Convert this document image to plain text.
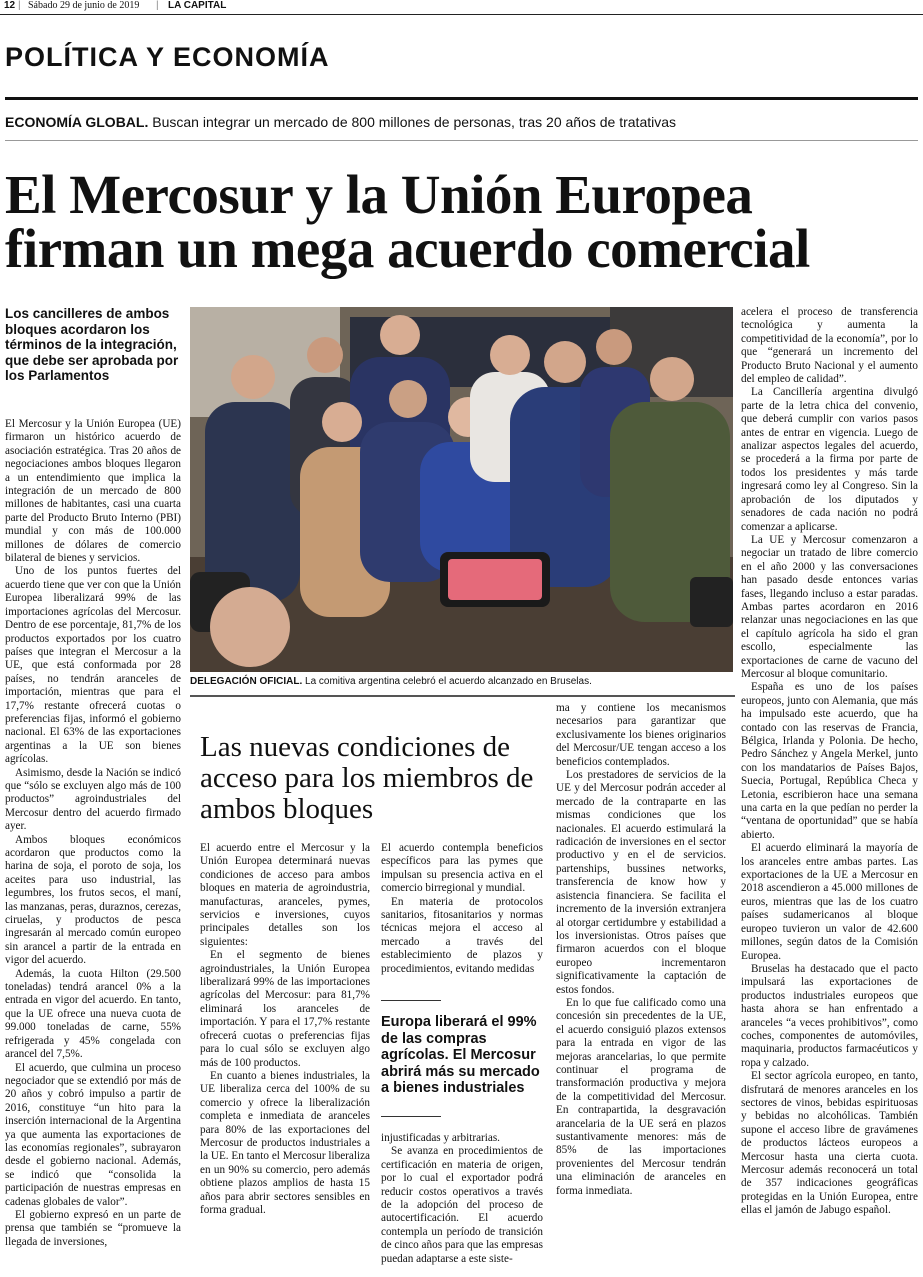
12 | Sábado 29 de junio de 2019 | LA CAPITAL
POLÍTICA Y ECONOMÍA
ECONOMÍA GLOBAL. Buscan integrar un mercado de 800 millones de personas, tras 20 años de tratativas
El Mercosur y la Unión Europea firman un mega acuerdo comercial
Los cancilleres de ambos bloques acordaron los términos de la integración, que debe ser aprobada por los Parlamentos

El Mercosur y la Unión Europea (UE) firmaron un histórico acuerdo de asociación estratégica. Tras 20 años de negociaciones ambos bloques llegaron a un entendimiento que implica la integración de un mercado de 800 millones de habitantes, casi una cuarta parte del Producto Bruto Interno (PBI) mundial y con más de 100.000 millones de dólares de comercio bilateral de bienes y servicios.

Uno de los puntos fuertes del acuerdo tiene que ver con que la Unión Europea liberalizará 99% de las importaciones agrícolas del Mercosur. Dentro de ese porcentaje, 81,7% de los productos exportados por los cuatro países que integran el Mercosur a la UE, que está conformada por 28 países, no tendrán aranceles de importación, mientras que para el 17,7% restante ofrecerá cuotas o preferencias fijas, informó el gobierno nacional. El 63% de las exportaciones argentinas a la UE son bienes agrícolas.

Asimismo, desde la Nación se indicó que “sólo se excluyen algo más de 100 productos” agroindustriales del Mercosur dentro del acuerdo firmado ayer.

Ambos bloques económicos acordaron que productos como la harina de soja, el poroto de soja, los aceites para uso industrial, las legumbres, los frutos secos, el maní, las manzanas, peras, duraznos, cerezas, ciruelas, y productos de pesca ingresarán al mercado común europeo sin arancel a partir de la entrada en vigor del acuerdo.

Además, la cuota Hilton (29.500 toneladas) tendrá arancel 0% a la entrada en vigor del acuerdo. En tanto, que la UE ofrece una nueva cuota de 99.000 toneladas de carne, 55% refrigerada y 45% congelada con arancel del 7,5%.

El acuerdo, que culmina un proceso negociador que se extendió por más de 20 años y cobró impulso a partir de 2016, constituye “un hito para la inserción internacional de la Argentina ya que aumenta las exportaciones de las economías regionales”, subrayaron desde el gobierno nacional. Además, se indicó que “consolida la participación de nuestras empresas en cadenas globales de valor”.

El gobierno expresó en un parte de prensa que también se “promueve la llegada de inversiones,

DELEGACIÓN OFICIAL. La comitiva argentina celebró el acuerdo alcanzado en Bruselas.
Las nuevas condiciones de acceso para los miembros de ambos bloques

El acuerdo entre el Mercosur y la Unión Europea determinará nuevas condiciones de acceso para ambos bloques en materia de agroindustria, manufacturas, aranceles, pymes, servicios e inversiones, cuyos principales detalles son los siguientes:

En el segmento de bienes agroindustriales, la Unión Europea liberalizará 99% de las importaciones agrícolas del Mercosur: para 81,7% eliminará los aranceles de importación. Y para el 17,7% restante ofrecerá cuotas o preferencias fijas para lo cual sólo se excluyen algo más de 100 productos.

En cuanto a bienes industriales, la UE liberaliza cerca del 100% de su comercio y ofrece la liberalización completa e inmediata de aranceles para 80% de las exportaciones del Mercosur de productos industriales a la UE. En tanto el Mercosur liberaliza en un 90% su comercio, pero además obtiene plazos amplios de hasta 15 años para abrir sectores sensibles en forma gradual.

El acuerdo contempla beneficios específicos para las pymes que impulsan su presencia activa en el comercio birregional y mundial.

En materia de protocolos sanitarios, fitosanitarios y normas técnicas mejora el acceso al mercado a través del establecimiento de plazos y procedimientos, evitando medidas

Europa liberará el 99% de las compras agrícolas. El Mercosur abrirá más su mercado a bienes industriales

injustificadas y arbitrarias.

Se avanza en procedimientos de certificación en materia de origen, por lo cual el exportador podrá reducir costos operativos a través de la adopción del proceso de autocertificación. El acuerdo contempla un período de transición de cinco años para que las empresas puedan adaptarse a este siste-

ma y contiene los mecanismos necesarios para garantizar que exclusivamente los bienes originarios del Mercosur/UE tengan acceso a los beneficios contemplados.

Los prestadores de servicios de la UE y del Mercosur podrán acceder al mercado de la contraparte en las mismas condiciones que los nacionales. El acuerdo estimulará la radicación de inversiones en el sector productivo y en el de servicios. partenships, bussines networks, transferencia de know how y asistencia financiera. Se facilita el incremento de la inversión extranjera al otorgar certidumbre y estabilidad a los inversionistas. Otros países que firmaron acuerdos con el bloque europeo incrementaron significativamente la captación de estos fondos.

En lo que fue calificado como una concesión sin precedentes de la UE, el acuerdo consiguió plazos extensos para la entrada en vigor de las mejoras arancelarias, lo que permite continuar el programa de transformación productiva y mejora de la competitividad del Mercosur. En contrapartida, la desgravación arancelaria de la UE será en plazos sustantivamente menores: más de 85% de las importaciones provenientes del Mercosur tendrán una eliminación de aranceles en forma inmediata.

acelera el proceso de transferencia tecnológica y aumenta la competitividad de la economía”, por lo que “generará un incremento del Producto Bruto Nacional y el aumento del empleo de calidad”.

La Cancillería argentina divulgó parte de la letra chica del convenio, que deberá cumplir con varios pasos antes de entrar en vigencia. Luego de analizar aspectos legales del acuerdo, se procederá a la firma por parte de todos los presidentes y más tarde ingresará como ley al Congreso. Sin la aprobación de los diputados y senadores de cada nación no podrá comenzar a aplicarse.

La UE y Mercosur comenzaron a negociar un tratado de libre comercio en el año 2000 y las conversaciones han pasado desde entonces varias fases, llegando incluso a estar paradas. Ambas partes acordaron en 2016 relanzar unas negociaciones en las que el capítulo agrícola ha sido el gran escollo, especialmente las exportaciones de carne de vacuno del Mercosur al bloque comunitario.

España es uno de los países europeos, junto con Alemania, que más ha impulsado este acuerdo, que ha contado con las reservas de Francia, Bélgica, Irlanda y Polonia. De hecho, Pedro Sánchez y Angela Merkel, junto con los mandatarios de Países Bajos, Suecia, Portugal, República Checa y Letonia, escribieron hace una semana una carta en la que pedían no perder la “ventana de oportunidad” que se había abierto.

El acuerdo eliminará la mayoría de los aranceles entre ambas partes. Las exportaciones de la UE a Mercosur en 2018 ascendieron a 45.000 millones de euros, mientras que las de los cuatro países sudamericanos al bloque europeo tuvieron un valor de 42.600 millones, según datos de la Comisión Europea.

Bruselas ha destacado que el pacto impulsará las exportaciones de productos industriales europeos que hasta ahora se han enfrentado a aranceles “a veces prohibitivos”, como coches, componentes de automóviles, maquinaria, productos farmacéuticos y ropa y calzado.

El sector agrícola europeo, en tanto, disfrutará de menores aranceles en los sectores de vinos, bebidas espirituosas y bebidas no alcohólicas. También supone el acceso libre de gravámenes de productos lácteos europeos a Mercosur hasta una cierta cuota. Mercosur además reconocerá un total de 357 indicaciones geográficas protegidas en la Unión Europea, entre ellas el jamón de Jabugo español.
